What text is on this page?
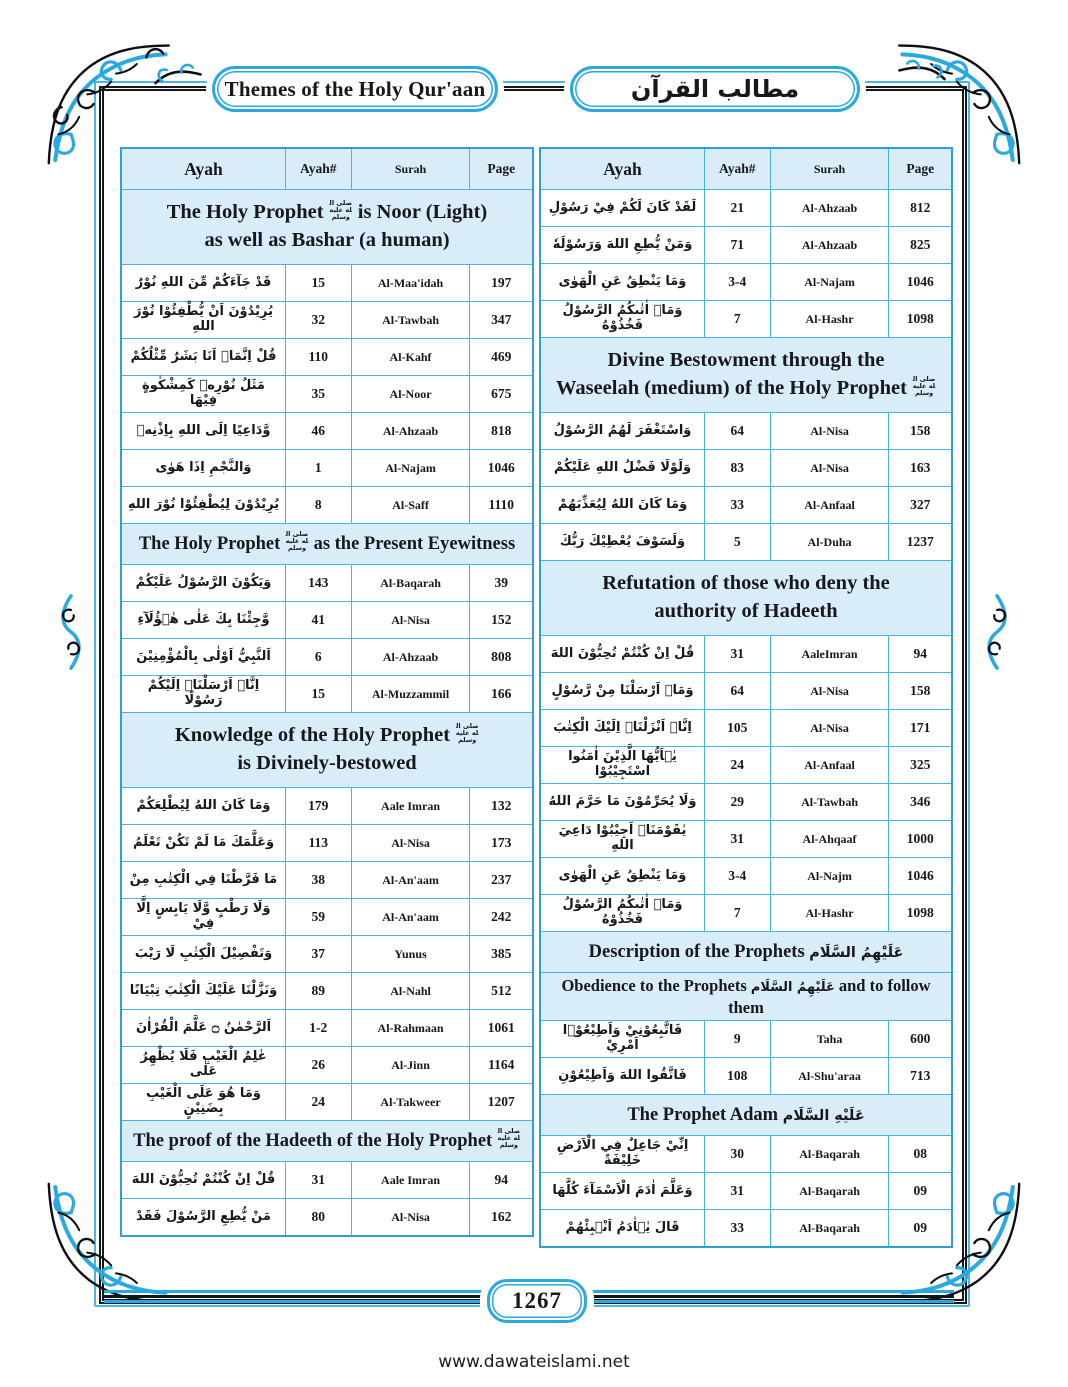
Themes of the Holy Qur'aan	مطالب القرآن
Ayah	Ayah#	Surah	Page
The Holy Prophet صلى الله عليه وسلم is Noor (Light)
as well as Bashar (a human)
قَدْ جَآءَكُمْ مِّنَ اللهِ نُوْرٌ	15	Al-Maa'idah	197
يُرِيْدُوْنَ اَنْ يُّطْفِئُوْا نُوْرَ اللهِ	32	Al-Tawbah	347
قُلْ اِنَّمَاۤ اَنَا بَشَرٌ مِّثْلُكُمْ	110	Al-Kahf	469
مَثَلُ نُوْرِهٖ كَمِشْكٰوةٍ فِيْهَا	35	Al-Noor	675
وَّدَاعِيًا اِلَى اللهِ بِاِذْنِهٖ	46	Al-Ahzaab	818
وَالنَّجْمِ اِذَا هَوٰى	1	Al-Najam	1046
يُرِيْدُوْنَ لِيُطْفِئُوْا نُوْرَ اللهِ	8	Al-Saff	1110
The Holy Prophet صلى الله عليه وسلم as the Present Eyewitness
وَيَكُوْنَ الرَّسُوْلُ عَلَيْكُمْ	143	Al-Baqarah	39
وَّجِئْنَا بِكَ عَلٰى هٰۤؤُلَآءِ	41	Al-Nisa	152
اَلنَّبِيُّ اَوْلٰى بِالْمُؤْمِنِيْنَ	6	Al-Ahzaab	808
اِنَّاۤ اَرْسَلْنَاۤ اِلَيْكُمْ رَسُوْلًا	15	Al-Muzzammil	166
Knowledge of the Holy Prophet صلى الله عليه وسلم
is Divinely-bestowed
وَمَا كَانَ اللهُ لِيُطْلِعَكُمْ	179	Aale Imran	132
وَعَلَّمَكَ مَا لَمْ تَكُنْ تَعْلَمُ	113	Al-Nisa	173
مَا فَرَّطْنَا فِي الْكِتٰبِ مِنْ	38	Al-An'aam	237
وَلَا رَطْبٍ وَّلَا يَابِسٍ اِلَّا فِيْ	59	Al-An'aam	242
وَتَفْصِيْلَ الْكِتٰبِ لَا رَيْبَ	37	Yunus	385
وَنَزَّلْنَا عَلَيْكَ الْكِتٰبَ تِبْيَانًا	89	Al-Nahl	512
اَلرَّحْمٰنُ ۝ عَلَّمَ الْقُرْاٰنَ	1-2	Al-Rahmaan	1061
عٰلِمُ الْغَيْبِ فَلَا يُظْهِرُ عَلٰى	26	Al-Jinn	1164
وَمَا هُوَ عَلَى الْغَيْبِ بِضَنِيْنٍ	24	Al-Takweer	1207
The proof of the Hadeeth of the Holy Prophet صلى الله عليه وسلم
قُلْ اِنْ كُنْتُمْ تُحِبُّوْنَ اللهَ	31	Aale Imran	94
مَنْ يُّطِعِ الرَّسُوْلَ فَقَدْ	80	Al-Nisa	162
Ayah	Ayah#	Surah	Page
لَقَدْ كَانَ لَكُمْ فِيْ رَسُوْلِ	21	Al-Ahzaab	812
وَمَنْ يُّطِعِ اللهَ وَرَسُوْلَهٗ	71	Al-Ahzaab	825
وَمَا يَنْطِقُ عَنِ الْهَوٰى	3-4	Al-Najam	1046
وَمَاۤ اٰتٰىكُمُ الرَّسُوْلُ فَخُذُوْهُ	7	Al-Hashr	1098
Divine Bestowment through the
Waseelah (medium) of the Holy Prophet صلى الله عليه وسلم
وَاسْتَغْفَرَ لَهُمُ الرَّسُوْلُ	64	Al-Nisa	158
وَلَوْلَا فَضْلُ اللهِ عَلَيْكُمْ	83	Al-Nisa	163
وَمَا كَانَ اللهُ لِيُعَذِّبَهُمْ	33	Al-Anfaal	327
وَلَسَوْفَ يُعْطِيْكَ رَبُّكَ	5	Al-Duha	1237
Refutation of those who deny the
authority of Hadeeth
قُلْ اِنْ كُنْتُمْ تُحِبُّوْنَ اللهَ	31	AaleImran	94
وَمَاۤ اَرْسَلْنَا مِنْ رَّسُوْلٍ	64	Al-Nisa	158
اِنَّاۤ اَنْزَلْنَاۤ اِلَيْكَ الْكِتٰبَ	105	Al-Nisa	171
يٰۤاَيُّهَا الَّذِيْنَ اٰمَنُوا اسْتَجِيْبُوْا	24	Al-Anfaal	325
وَلَا يُحَرِّمُوْنَ مَا حَرَّمَ اللهُ	29	Al-Tawbah	346
يٰقَوْمَنَاۤ اَجِيْبُوْا دَاعِيَ اللهِ	31	Al-Ahqaaf	1000
وَمَا يَنْطِقُ عَنِ الْهَوٰى	3-4	Al-Najm	1046
وَمَاۤ اٰتٰىكُمُ الرَّسُوْلُ فَخُذُوْهُ	7	Al-Hashr	1098
Description of the Prophets عَلَيْهِمُ السَّلَام
Obedience to the Prophets عَلَيْهِمُ السَّلَام and to follow them
فَاتَّبِعُوْنِيْ وَاَطِيْعُوْۤا اَمْرِيْ	9	Taha	600
فَاتَّقُوا اللهَ وَاَطِيْعُوْنِ	108	Al-Shu'araa	713
The Prophet Adam عَلَيْهِ السَّلَام
اِنِّيْ جَاعِلٌ فِي الْاَرْضِ خَلِيْفَةً	30	Al-Baqarah	08
وَعَلَّمَ اٰدَمَ الْاَسْمَآءَ كُلَّهَا	31	Al-Baqarah	09
قَالَ يٰۤاٰدَمُ اَنْۢبِئْهُمْ	33	Al-Baqarah	09
1267
www.dawateislami.net
